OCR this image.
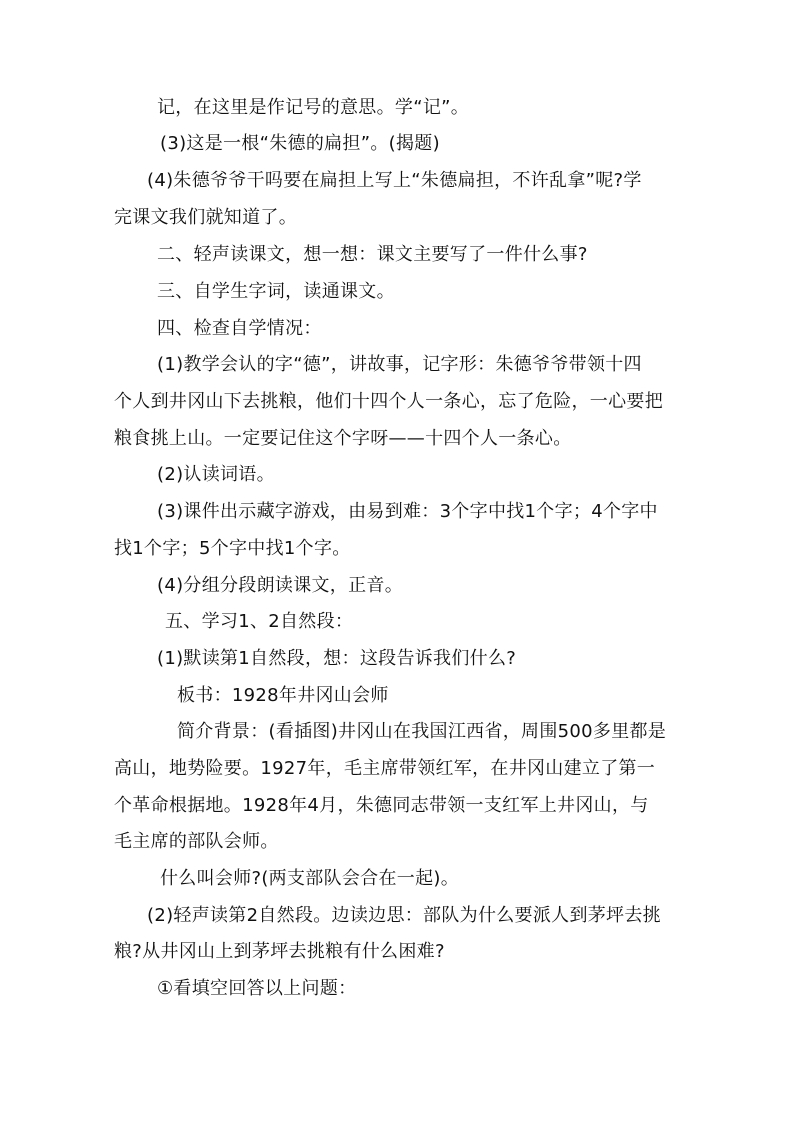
记，在这里是作记号的意思。学“记”。
(3)这是一根“朱德的扁担”。(揭题)
(4)朱德爷爷干吗要在扁担上写上“朱德扁担，不许乱拿”呢?学
完课文我们就知道了。
二、轻声读课文，想一想：课文主要写了一件什么事?
三、自学生字词，读通课文。
四、检查自学情况：
(1)教学会认的字“德”，讲故事，记字形：朱德爷爷带领十四
个人到井冈山下去挑粮，他们十四个人一条心，忘了危险，一心要把
粮食挑上山。一定要记住这个字呀——十四个人一条心。
(2)认读词语。
(3)课件出示藏字游戏，由易到难：3个字中找1个字；4个字中
找1个字；5个字中找1个字。
(4)分组分段朗读课文，正音。
五、学习1、2自然段：
(1)默读第1自然段，想：这段告诉我们什么?
板书：1928年井冈山会师
简介背景：(看插图)井冈山在我国江西省，周围500多里都是
高山，地势险要。1927年，毛主席带领红军，在井冈山建立了第一
个革命根据地。1928年4月，朱德同志带领一支红军上井冈山，与
毛主席的部队会师。
什么叫会师?(两支部队会合在一起)。
(2)轻声读第2自然段。边读边思：部队为什么要派人到茅坪去挑
粮?从井冈山上到茅坪去挑粮有什么困难?
①看填空回答以上问题：
